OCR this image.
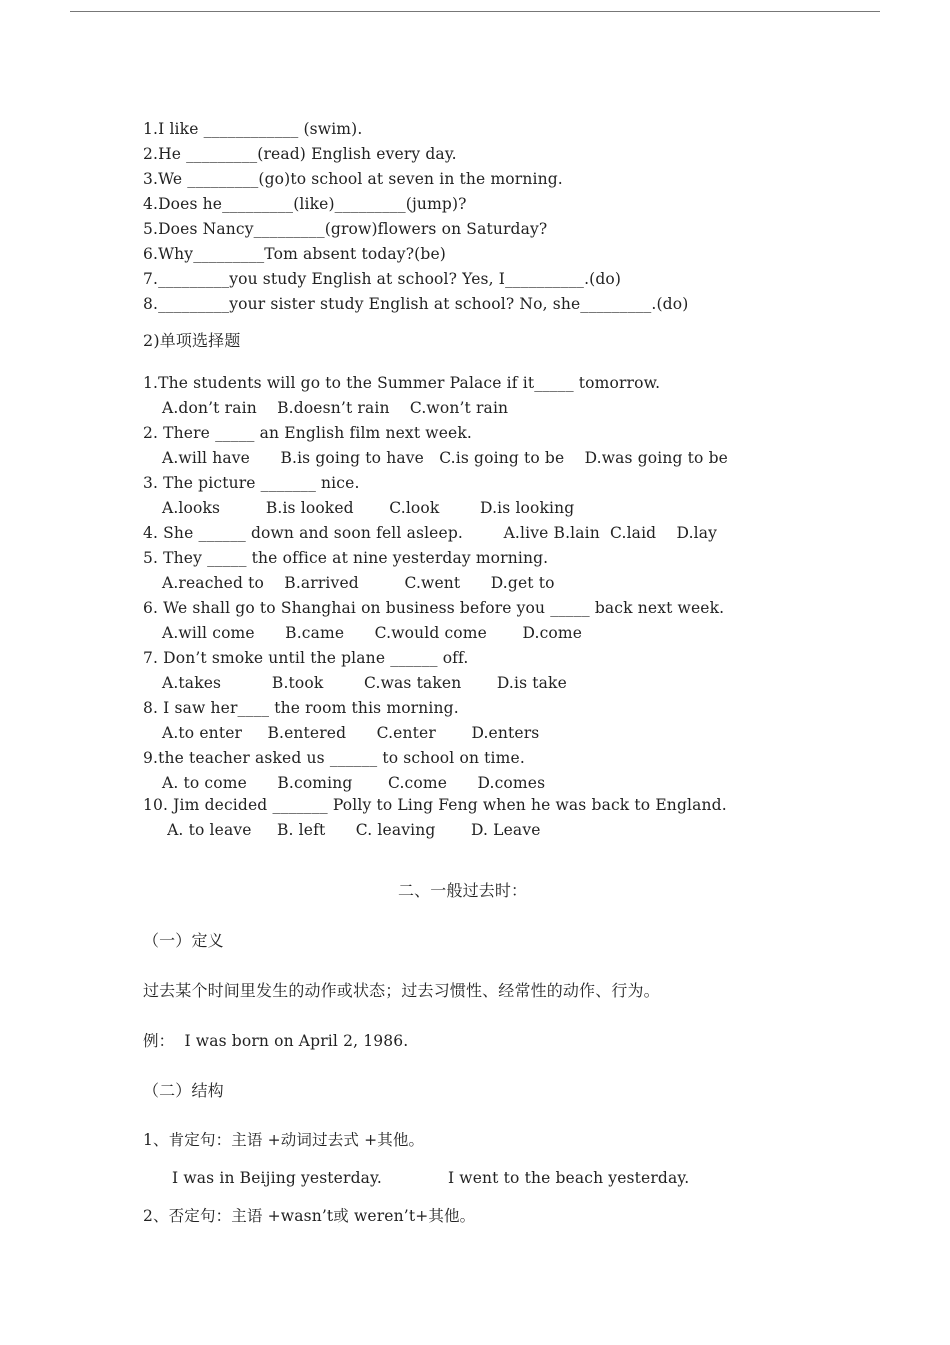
1.I like ____________ (swim).
2.He _________(read) English every day.
3.We _________(go)to school at seven in the morning.
4.Does he_________(like)_________(jump)?
5.Does Nancy_________(grow)flowers on Saturday?
6.Why_________Tom absent today?(be)
7._________you study English at school? Yes, I__________.(do)
8._________your sister study English at school? No, she_________.(do)
2)单项选择题
1.The students will go to the Summer Palace if it_____ tomorrow.
A.don’t rain    B.doesn’t rain    C.won’t rain
2. There _____ an English film next week.
A.will have      B.is going to have   C.is going to be    D.was going to be
3. The picture _______ nice.
A.looks         B.is looked       C.look        D.is looking
4. She ______ down and soon fell asleep.        A.live B.lain  C.laid    D.lay
5. They _____ the office at nine yesterday morning.
A.reached to    B.arrived         C.went      D.get to
6. We shall go to Shanghai on business before you _____ back next week.
A.will come      B.came      C.would come       D.come
7. Don’t smoke until the plane ______ off.
A.takes          B.took        C.was taken       D.is take
8. I saw her____ the room this morning.
A.to enter     B.entered      C.enter       D.enters
9.the teacher asked us ______ to school on time.
A. to come      B.coming       C.come      D.comes
10. Jim decided _______ Polly to Ling Feng when he was back to England.
A. to leave     B. left      C. leaving       D. Leave
二、一般过去时：
（一）定义
过去某个时间里发生的动作或状态；过去习惯性、经常性的动作、行为。
例：  I was born on April 2, 1986.
（二）结构
1、肯定句：主语 +动词过去式 +其他。
I was in Beijing yesterday.             I went to the beach yesterday.
2、否定句：主语 +wasn’t或 weren’t+其他。
